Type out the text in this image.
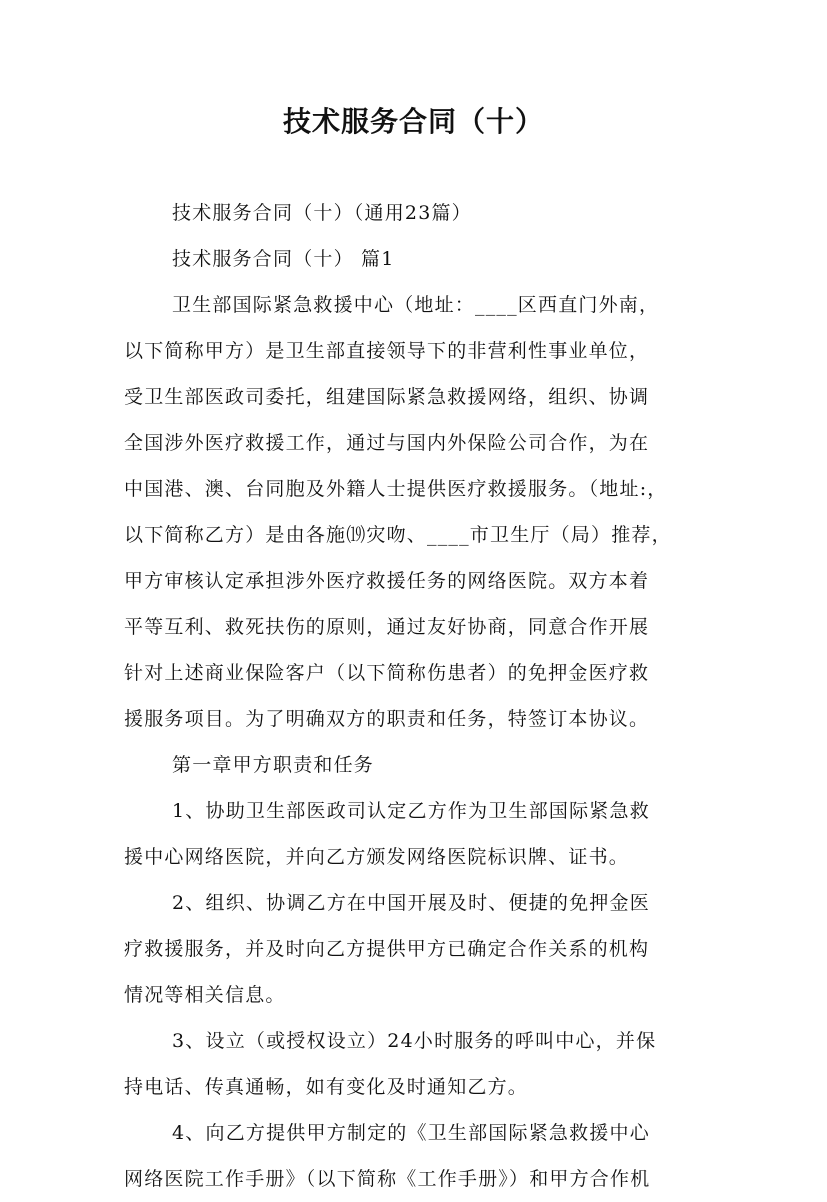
技术服务合同（十）
技术服务合同（十）（通用23篇）
技术服务合同（十） 篇1
卫生部国际紧急救援中心（地址：____区西直门外南，
以下简称甲方）是卫生部直接领导下的非营利性事业单位，
受卫生部医政司委托，组建国际紧急救援网络，组织、协调
全国涉外医疗救援工作，通过与国内外保险公司合作，为在
中国港、澳、台同胞及外籍人士提供医疗救援服务。（地址:，
以下简称乙方）是由各施⒆灾吻、____市卫生厅（局）推荐，
甲方审核认定承担涉外医疗救援任务的网络医院。双方本着
平等互利、救死扶伤的原则，通过友好协商，同意合作开展
针对上述商业保险客户（以下简称伤患者）的免押金医疗救
援服务项目。为了明确双方的职责和任务，特签订本协议。
第一章甲方职责和任务
1、协助卫生部医政司认定乙方作为卫生部国际紧急救
援中心网络医院，并向乙方颁发网络医院标识牌、证书。
2、组织、协调乙方在中国开展及时、便捷的免押金医
疗救援服务，并及时向乙方提供甲方已确定合作关系的机构
情况等相关信息。
3、设立（或授权设立）24小时服务的呼叫中心，并保
持电话、传真通畅，如有变化及时通知乙方。
4、向乙方提供甲方制定的《卫生部国际紧急救援中心
网络医院工作手册》（以下简称《工作手册》）和甲方合作机
